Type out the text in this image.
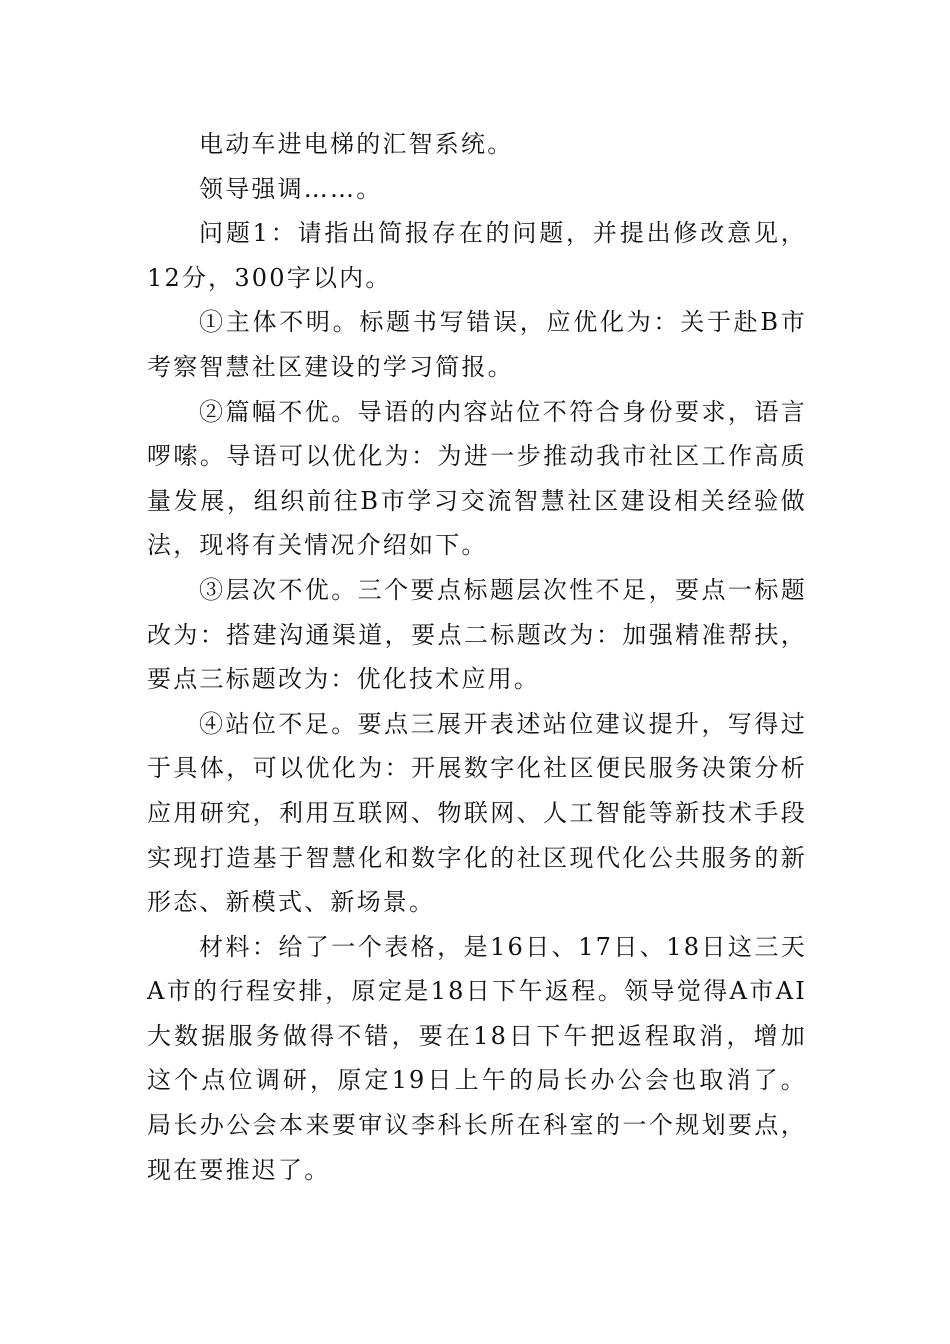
电动车进电梯的汇智系统。

领导强调……。

问题1：请指出简报存在的问题，并提出修改意见，12分，300字以内。

①主体不明。标题书写错误，应优化为：关于赴B市考察智慧社区建设的学习简报。

②篇幅不优。导语的内容站位不符合身份要求，语言啰嗦。导语可以优化为：为进一步推动我市社区工作高质量发展，组织前往B市学习交流智慧社区建设相关经验做法，现将有关情况介绍如下。

③层次不优。三个要点标题层次性不足，要点一标题改为：搭建沟通渠道，要点二标题改为：加强精准帮扶，要点三标题改为：优化技术应用。

④站位不足。要点三展开表述站位建议提升，写得过于具体，可以优化为：开展数字化社区便民服务决策分析应用研究，利用互联网、物联网、人工智能等新技术手段实现打造基于智慧化和数字化的社区现代化公共服务的新形态、新模式、新场景。

材料：给了一个表格，是16日、17日、18日这三天A市的行程安排，原定是18日下午返程。领导觉得A市AI大数据服务做得不错，要在18日下午把返程取消，增加这个点位调研，原定19日上午的局长办公会也取消了。局长办公会本来要审议李科长所在科室的一个规划要点，现在要推迟了。
